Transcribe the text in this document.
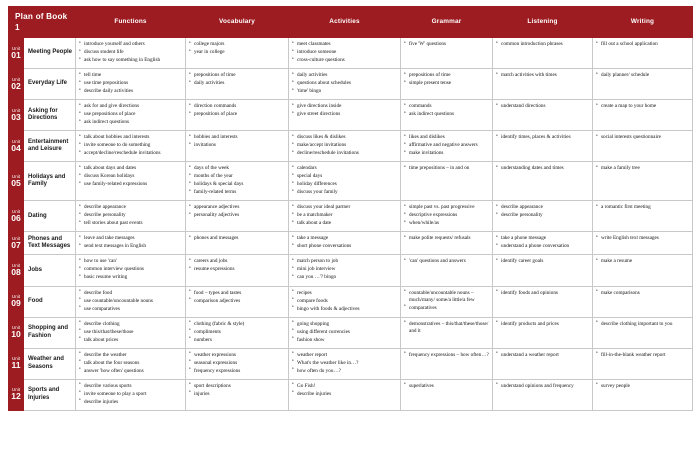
Plan of Book 1		Functions	Vocabulary	Activities	Grammar	Listening	Writing

Unit
01	Meeting People	
• introduce yourself and others
• discuss student life
• ask how to say something in English

• college majors
• year in college

• meet classmates
• introduce someone
• cross-culture questions

• five 'W' questions

•common introduction phrases

•fill out a school application

Unit
02	Everyday Life	
• tell time
• use time prepositions
• describe daily activities

• prepositions of time
• daily activities

• daily activities
• questions about schedules
• 'time' bingo

• prepositions of time
• simple present tense

• match activities with times

•daily planner/ schedule

Unit
03
	Asking for Directions	
• ask for and give directions
• use prepositions of place
• ask indirect questions

• direction commands
• prepositions of place

• give directions inside
• give street directions

• commands
• ask indirect questions

• understand directions

•create a map to your home

Unit
04
	Entertainment and Leisure	
• talk about hobbies and interests
• invite someone to do something
• accept/decline/reschedule invitations

• hobbies and interests
• invitations

• discuss likes & dislikes
• make/accept invitations
• decline/reschedule invitations

• likes and dislikes
• affirmative and negative answers
• make invitations

• identify times, places & activities

•social interests questionnaire

Unit
05
	Holidays and Family	
• talk about days and dates
• discuss Korean holidays
• use family-related expressions

• days of the week
• months of the year
• holidays & special days
• family-related terms

• calendars
• special days
• holiday differences
• discuss your family

• time prepositions – in and on

•understanding dates and times

•make a family tree

Unit
06	Dating	
• describe appearance
• describe personality
• tell stories about past events

• appearance adjectives
• personality adjectives

• discuss your ideal partner
• be a matchmaker
• talk about a date

• simple past vs. past progressive
• descriptive expressions
• when/while/as

• describe appearance
• describe personality

• a romantic first meeting

Unit
07
	Phones and Text Messages	
• leave and take messages
• send text messages in English

• phones and messages

•take a message
• short phone conversations

• make polite requests/ refusals

•take a phone message
• understand a phone conversation

• write English text messages

Unit
08	Jobs	
• how to use 'can'
• common interview questions
• basic resume writing

• careers and jobs
• resume expressions

• match person to job
• mini job interview
• can you …'? bingo

• 'can' questions and answers

•identify career goals

•make a resume

Unit
09	Food	
• describe food
• use countable/uncountable nouns
• use comparatives

• food – types and tastes
• comparison adjectives

• recipes
• compare foods
• bingo with foods & adjectives

• countable/uncountable nouns – much/many/ some/a little/a few
• comparatives

• identify foods and opinions

•make comparisons

Unit
10
	Shopping and Fashion	
• describe clothing
• use this/that/these/those
• talk about prices

• clothing (fabric & style)
• compliments
• numbers

• going shopping
• using different currencies
• fashion show

• demonstratives – this/that/these/those/ and it

• identify products and prices

•describe clothing important to you

Unit
11
	Weather and Seasons	
• describe the weather
• talk about the four seasons
• answer 'how often' questions

• weather expressions
• seasonal expressions
• frequency expressions

• weather report
• What's the weather like in…?
• how often do you…?

• frequency expressions – how often…?

•understand a weather report

•fill-in-the-blank weather report

Unit
12
	Sports and Injuries	
• describe various sports
• invite someone to play a sport
• describe injuries

• sport descriptions
• injuries

• Go Fish!
• describe injuries

• superlatives

•understand opinions and frequency

•survey people
